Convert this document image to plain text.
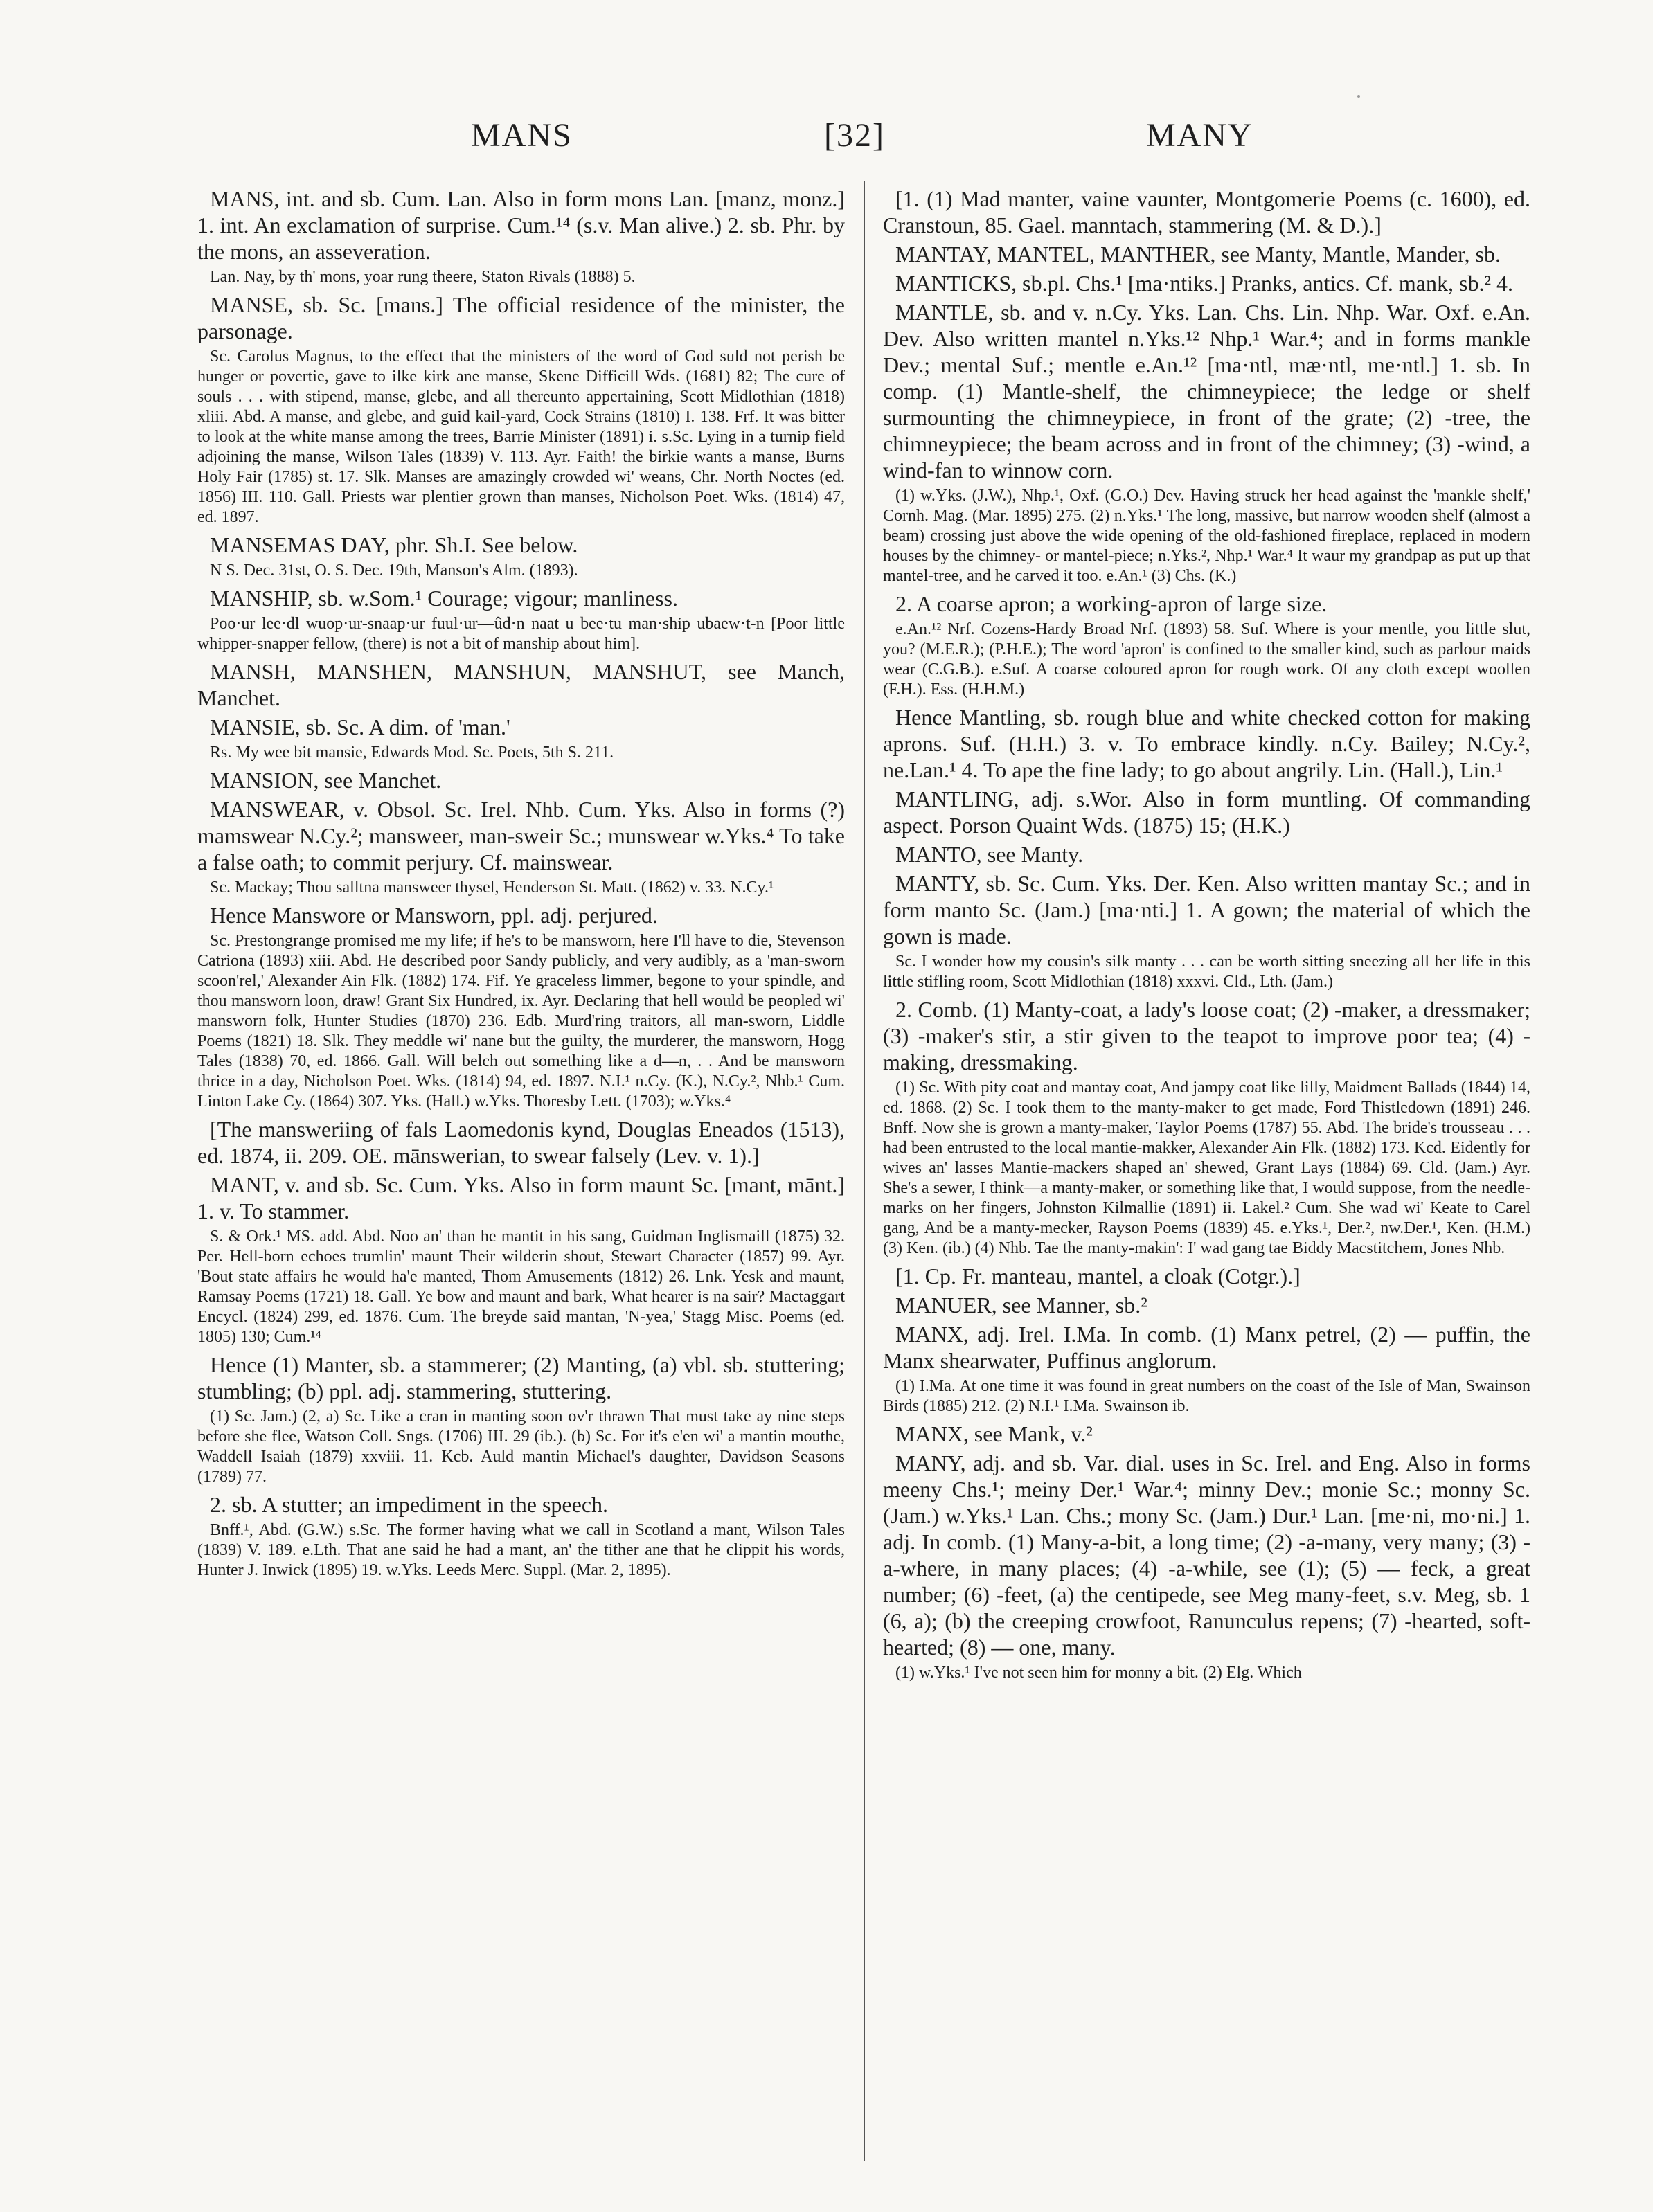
MANS	[32]	MANY

MANS, int. and sb. Cum. Lan. Also in form mons Lan. [manz, monz.] 1. int. An exclamation of surprise. Cum.¹⁴ (s.v. Man alive.) 2. sb. Phr. by the mons, an asseveration.

Lan. Nay, by th' mons, yoar rung theere, Staton Rivals (1888) 5.

MANSE, sb. Sc. [mans.] The official residence of the minister, the parsonage.

Sc. Carolus Magnus, to the effect that the ministers of the word of God suld not perish be hunger or povertie, gave to ilke kirk ane manse, Skene Difficill Wds. (1681) 82; The cure of souls . . . with stipend, manse, glebe, and all thereunto appertaining, Scott Midlothian (1818) xliii. Abd. A manse, and glebe, and guid kail-yard, Cock Strains (1810) I. 138. Frf. It was bitter to look at the white manse among the trees, Barrie Minister (1891) i. s.Sc. Lying in a turnip field adjoining the manse, Wilson Tales (1839) V. 113. Ayr. Faith! the birkie wants a manse, Burns Holy Fair (1785) st. 17. Slk. Manses are amazingly crowded wi' weans, Chr. North Noctes (ed. 1856) III. 110. Gall. Priests war plentier grown than manses, Nicholson Poet. Wks. (1814) 47, ed. 1897.

MANSEMAS DAY, phr. Sh.I. See below.

N S. Dec. 31st, O. S. Dec. 19th, Manson's Alm. (1893).

MANSHIP, sb. w.Som.¹ Courage; vigour; manliness.

Poo·ur lee·dl wuop·ur-snaap·ur fuul·ur—ûd·n naat u bee·tu man·ship ubaew·t-n [Poor little whipper-snapper fellow, (there) is not a bit of manship about him].

MANSH, MANSHEN, MANSHUN, MANSHUT, see Manch, Manchet.

MANSIE, sb. Sc. A dim. of 'man.'

Rs. My wee bit mansie, Edwards Mod. Sc. Poets, 5th S. 211.

MANSION, see Manchet.

MANSWEAR, v. Obsol. Sc. Irel. Nhb. Cum. Yks. Also in forms (?) mamswear N.Cy.²; mansweer, man-sweir Sc.; munswear w.Yks.⁴ To take a false oath; to commit perjury. Cf. mainswear.

Sc. Mackay; Thou salltna mansweer thysel, Henderson St. Matt. (1862) v. 33. N.Cy.¹

Hence Manswore or Mansworn, ppl. adj. perjured.

Sc. Prestongrange promised me my life; if he's to be mansworn, here I'll have to die, Stevenson Catriona (1893) xiii. Abd. He described poor Sandy publicly, and very audibly, as a 'man-sworn scoon'rel,' Alexander Ain Flk. (1882) 174. Fif. Ye graceless limmer, begone to your spindle, and thou mansworn loon, draw! Grant Six Hundred, ix. Ayr. Declaring that hell would be peopled wi' mansworn folk, Hunter Studies (1870) 236. Edb. Murd'ring traitors, all man-sworn, Liddle Poems (1821) 18. Slk. They meddle wi' nane but the guilty, the murderer, the mansworn, Hogg Tales (1838) 70, ed. 1866. Gall. Will belch out something like a d—n, . . And be mansworn thrice in a day, Nicholson Poet. Wks. (1814) 94, ed. 1897. N.I.¹ n.Cy. (K.), N.Cy.², Nhb.¹ Cum. Linton Lake Cy. (1864) 307. Yks. (Hall.) w.Yks. Thoresby Lett. (1703); w.Yks.⁴

[The mansweriing of fals Laomedonis kynd, Douglas Eneados (1513), ed. 1874, ii. 209. OE. mānswerian, to swear falsely (Lev. v. 1).]

MANT, v. and sb. Sc. Cum. Yks. Also in form maunt Sc. [mant, mānt.] 1. v. To stammer.

S. & Ork.¹ MS. add. Abd. Noo an' than he mantit in his sang, Guidman Inglismaill (1875) 32. Per. Hell-born echoes trumlin' maunt Their wilderin shout, Stewart Character (1857) 99. Ayr. 'Bout state affairs he would ha'e manted, Thom Amusements (1812) 26. Lnk. Yesk and maunt, Ramsay Poems (1721) 18. Gall. Ye bow and maunt and bark, What hearer is na sair? Mactaggart Encycl. (1824) 299, ed. 1876. Cum. The breyde said mantan, 'N-yea,' Stagg Misc. Poems (ed. 1805) 130; Cum.¹⁴

Hence (1) Manter, sb. a stammerer; (2) Manting, (a) vbl. sb. stuttering; stumbling; (b) ppl. adj. stammering, stuttering.

(1) Sc. Jam.) (2, a) Sc. Like a cran in manting soon ov'r thrawn That must take ay nine steps before she flee, Watson Coll. Sngs. (1706) III. 29 (ib.). (b) Sc. For it's e'en wi' a mantin mouthe, Waddell Isaiah (1879) xxviii. 11. Kcb. Auld mantin Michael's daughter, Davidson Seasons (1789) 77.

2. sb. A stutter; an impediment in the speech.

Bnff.¹, Abd. (G.W.) s.Sc. The former having what we call in Scotland a mant, Wilson Tales (1839) V. 189. e.Lth. That ane said he had a mant, an' the tither ane that he clippit his words, Hunter J. Inwick (1895) 19. w.Yks. Leeds Merc. Suppl. (Mar. 2, 1895).

[1. (1) Mad manter, vaine vaunter, Montgomerie Poems (c. 1600), ed. Cranstoun, 85. Gael. manntach, stammering (M. & D.).]

MANTAY, MANTEL, MANTHER, see Manty, Mantle, Mander, sb.

MANTICKS, sb.pl. Chs.¹ [ma·ntiks.] Pranks, antics. Cf. mank, sb.² 4.

MANTLE, sb. and v. n.Cy. Yks. Lan. Chs. Lin. Nhp. War. Oxf. e.An. Dev. Also written mantel n.Yks.¹² Nhp.¹ War.⁴; and in forms mankle Dev.; mental Suf.; mentle e.An.¹² [ma·ntl, mæ·ntl, me·ntl.] 1. sb. In comp. (1) Mantle-shelf, the chimneypiece; the ledge or shelf surmounting the chimneypiece, in front of the grate; (2) -tree, the chimneypiece; the beam across and in front of the chimney; (3) -wind, a wind-fan to winnow corn.

(1) w.Yks. (J.W.), Nhp.¹, Oxf. (G.O.) Dev. Having struck her head against the 'mankle shelf,' Cornh. Mag. (Mar. 1895) 275. (2) n.Yks.¹ The long, massive, but narrow wooden shelf (almost a beam) crossing just above the wide opening of the old-fashioned fireplace, replaced in modern houses by the chimney- or mantel-piece; n.Yks.², Nhp.¹ War.⁴ It waur my grandpap as put up that mantel-tree, and he carved it too. e.An.¹ (3) Chs. (K.)

2. A coarse apron; a working-apron of large size.

e.An.¹² Nrf. Cozens-Hardy Broad Nrf. (1893) 58. Suf. Where is your mentle, you little slut, you? (M.E.R.); (P.H.E.); The word 'apron' is confined to the smaller kind, such as parlour maids wear (C.G.B.). e.Suf. A coarse coloured apron for rough work. Of any cloth except woollen (F.H.). Ess. (H.H.M.)

Hence Mantling, sb. rough blue and white checked cotton for making aprons. Suf. (H.H.) 3. v. To embrace kindly. n.Cy. Bailey; N.Cy.², ne.Lan.¹ 4. To ape the fine lady; to go about angrily. Lin. (Hall.), Lin.¹

MANTLING, adj. s.Wor. Also in form muntling. Of commanding aspect. Porson Quaint Wds. (1875) 15; (H.K.)

MANTO, see Manty.

MANTY, sb. Sc. Cum. Yks. Der. Ken. Also written mantay Sc.; and in form manto Sc. (Jam.) [ma·nti.] 1. A gown; the material of which the gown is made.

Sc. I wonder how my cousin's silk manty . . . can be worth sitting sneezing all her life in this little stifling room, Scott Midlothian (1818) xxxvi. Cld., Lth. (Jam.)

2. Comb. (1) Manty-coat, a lady's loose coat; (2) -maker, a dressmaker; (3) -maker's stir, a stir given to the teapot to improve poor tea; (4) -making, dressmaking.

(1) Sc. With pity coat and mantay coat, And jampy coat like lilly, Maidment Ballads (1844) 14, ed. 1868. (2) Sc. I took them to the manty-maker to get made, Ford Thistledown (1891) 246. Bnff. Now she is grown a manty-maker, Taylor Poems (1787) 55. Abd. The bride's trousseau . . . had been entrusted to the local mantie-makker, Alexander Ain Flk. (1882) 173. Kcd. Eidently for wives an' lasses Mantie-mackers shaped an' shewed, Grant Lays (1884) 69. Cld. (Jam.) Ayr. She's a sewer, I think—a manty-maker, or something like that, I would suppose, from the needle-marks on her fingers, Johnston Kilmallie (1891) ii. Lakel.² Cum. She wad wi' Keate to Carel gang, And be a manty-mecker, Rayson Poems (1839) 45. e.Yks.¹, Der.², nw.Der.¹, Ken. (H.M.) (3) Ken. (ib.) (4) Nhb. Tae the manty-makin': I' wad gang tae Biddy Macstitchem, Jones Nhb.

[1. Cp. Fr. manteau, mantel, a cloak (Cotgr.).]

MANUER, see Manner, sb.²

MANX, adj. Irel. I.Ma. In comb. (1) Manx petrel, (2) — puffin, the Manx shearwater, Puffinus anglorum.

(1) I.Ma. At one time it was found in great numbers on the coast of the Isle of Man, Swainson Birds (1885) 212. (2) N.I.¹ I.Ma. Swainson ib.

MANX, see Mank, v.²

MANY, adj. and sb. Var. dial. uses in Sc. Irel. and Eng. Also in forms meeny Chs.¹; meiny Der.¹ War.⁴; minny Dev.; monie Sc.; monny Sc. (Jam.) w.Yks.¹ Lan. Chs.; mony Sc. (Jam.) Dur.¹ Lan. [me·ni, mo·ni.] 1. adj. In comb. (1) Many-a-bit, a long time; (2) -a-many, very many; (3) -a-where, in many places; (4) -a-while, see (1); (5) — feck, a great number; (6) -feet, (a) the centipede, see Meg many-feet, s.v. Meg, sb. 1 (6, a); (b) the creeping crowfoot, Ranunculus repens; (7) -hearted, soft-hearted; (8) — one, many.

(1) w.Yks.¹ I've not seen him for monny a bit. (2) Elg. Which
